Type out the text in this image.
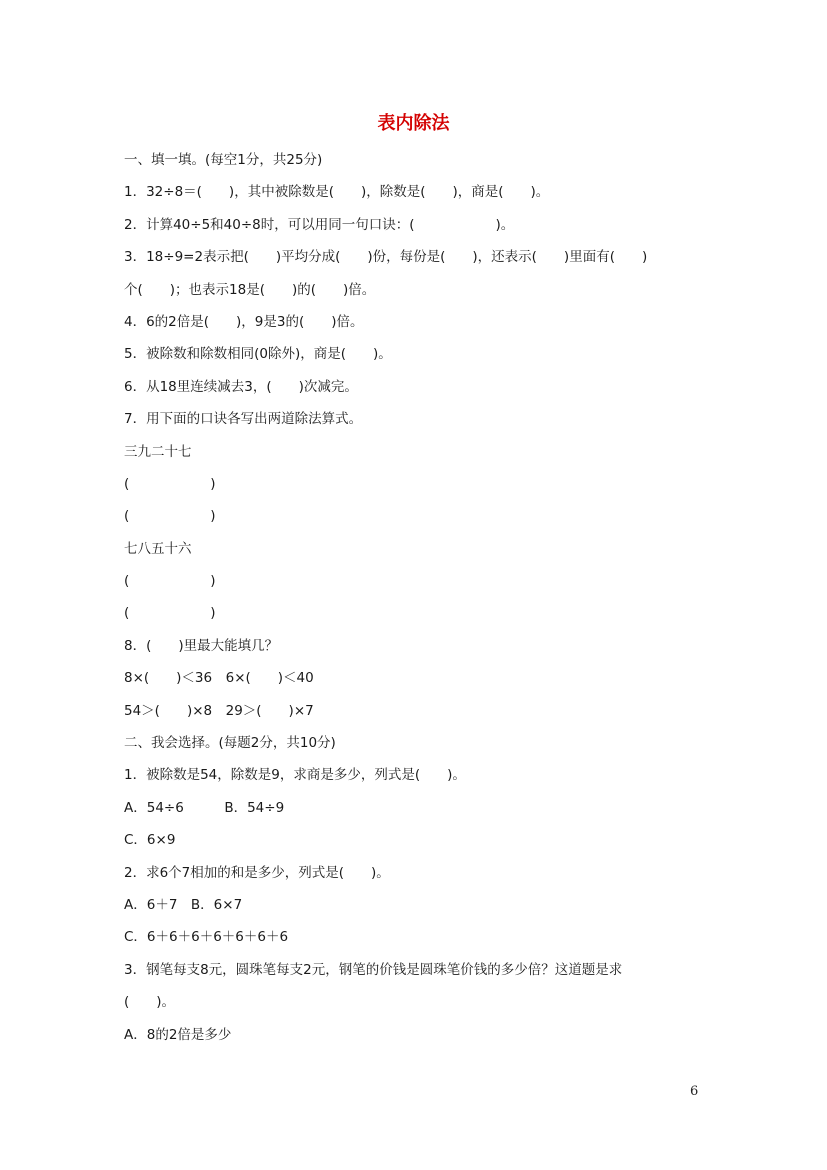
表内除法
一、填一填。(每空1分，共25分)
1．32÷8＝(　　)，其中被除数是(　　)，除数是(　　)，商是(　　)。
2．计算40÷5和40÷8时，可以用同一句口诀：(　　　　　　)。
3．18÷9=2表示把(　　)平均分成(　　)份，每份是(　　)，还表示(　　)里面有(　　)
个(　　)；也表示18是(　　)的(　　)倍。
4．6的2倍是(　　)，9是3的(　　)倍。
5．被除数和除数相同(0除外)，商是(　　)。
6．从18里连续减去3，(　　)次减完。
7．用下面的口诀各写出两道除法算式。
三九二十七
(　　　　　　)
(　　　　　　)
七八五十六
(　　　　　　)
(　　　　　　)
8．(　　)里最大能填几？
8×(　　)＜36　6×(　　)＜40
54＞(　　)×8　29＞(　　)×7
二、我会选择。(每题2分，共10分)
1．被除数是54，除数是9，求商是多少，列式是(　　)。
A．54÷6　　　B．54÷9
C．6×9
2．求6个7相加的和是多少，列式是(　　)。
A．6＋7　B．6×7
C．6＋6＋6＋6＋6＋6＋6
3．钢笔每支8元，圆珠笔每支2元，钢笔的价钱是圆珠笔价钱的多少倍？这道题是求
(　　)。
A．8的2倍是多少
6
